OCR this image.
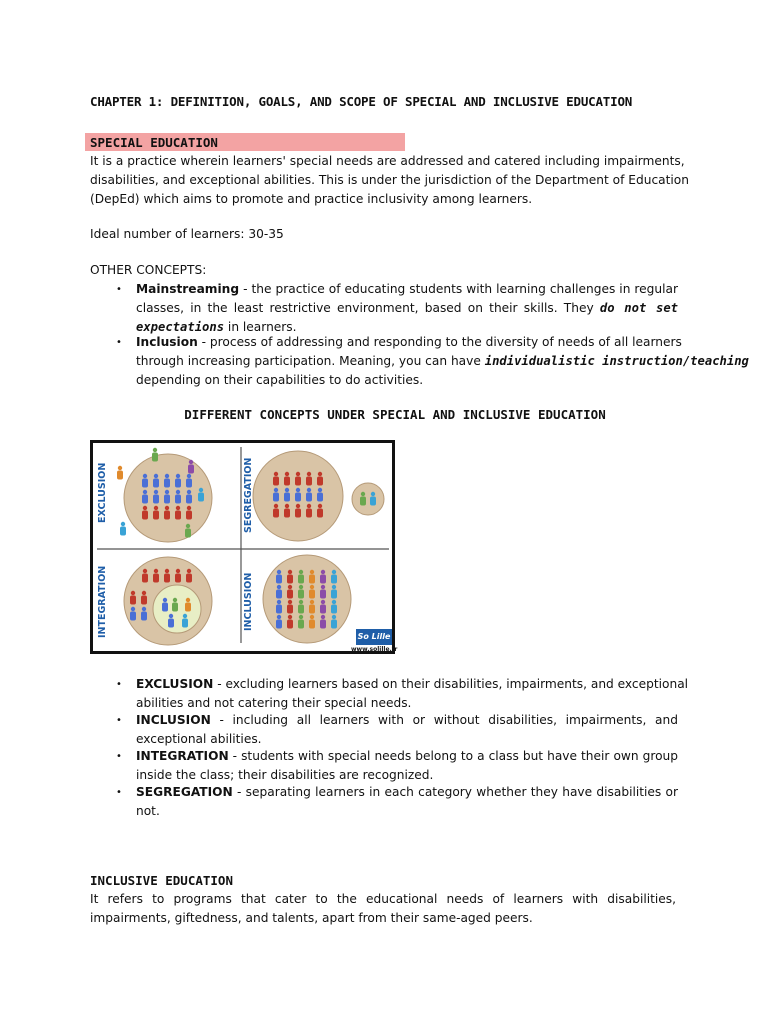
CHAPTER 1: DEFINITION, GOALS, AND SCOPE OF SPECIAL AND INCLUSIVE EDUCATION
SPECIAL EDUCATION
It is a practice wherein learners' special needs are addressed and catered including impairments,
disabilities, and exceptional abilities. This is under the jurisdiction of the Department of Education
(DepEd) which aims to promote and practice inclusivity among learners.
Ideal number of learners: 30-35
OTHER CONCEPTS:
• Mainstreaming - the practice of educating students with learning challenges in regular
classes, in the least restrictive environment, based on their skills. They do not set
expectations in learners.
• Inclusion - process of addressing and responding to the diversity of needs of all learners
through increasing participation. Meaning, you can have individualistic instruction/teaching
depending on their capabilities to do activities.
DIFFERENT CONCEPTS UNDER SPECIAL AND INCLUSIVE EDUCATION
EXCLUSION	SEGREGATION
INTEGRATION	INCLUSION
So Lille
www.solille.fr
• EXCLUSION - excluding learners based on their disabilities, impairments, and exceptional
abilities and not catering their special needs.
• INCLUSION - including all learners with or without disabilities, impairments, and
exceptional abilities.
• INTEGRATION - students with special needs belong to a class but have their own group
inside the class; their disabilities are recognized.
• SEGREGATION - separating learners in each category whether they have disabilities or
not.
INCLUSIVE EDUCATION
It refers to programs that cater to the educational needs of learners with disabilities,
impairments, giftedness, and talents, apart from their same-aged peers.
